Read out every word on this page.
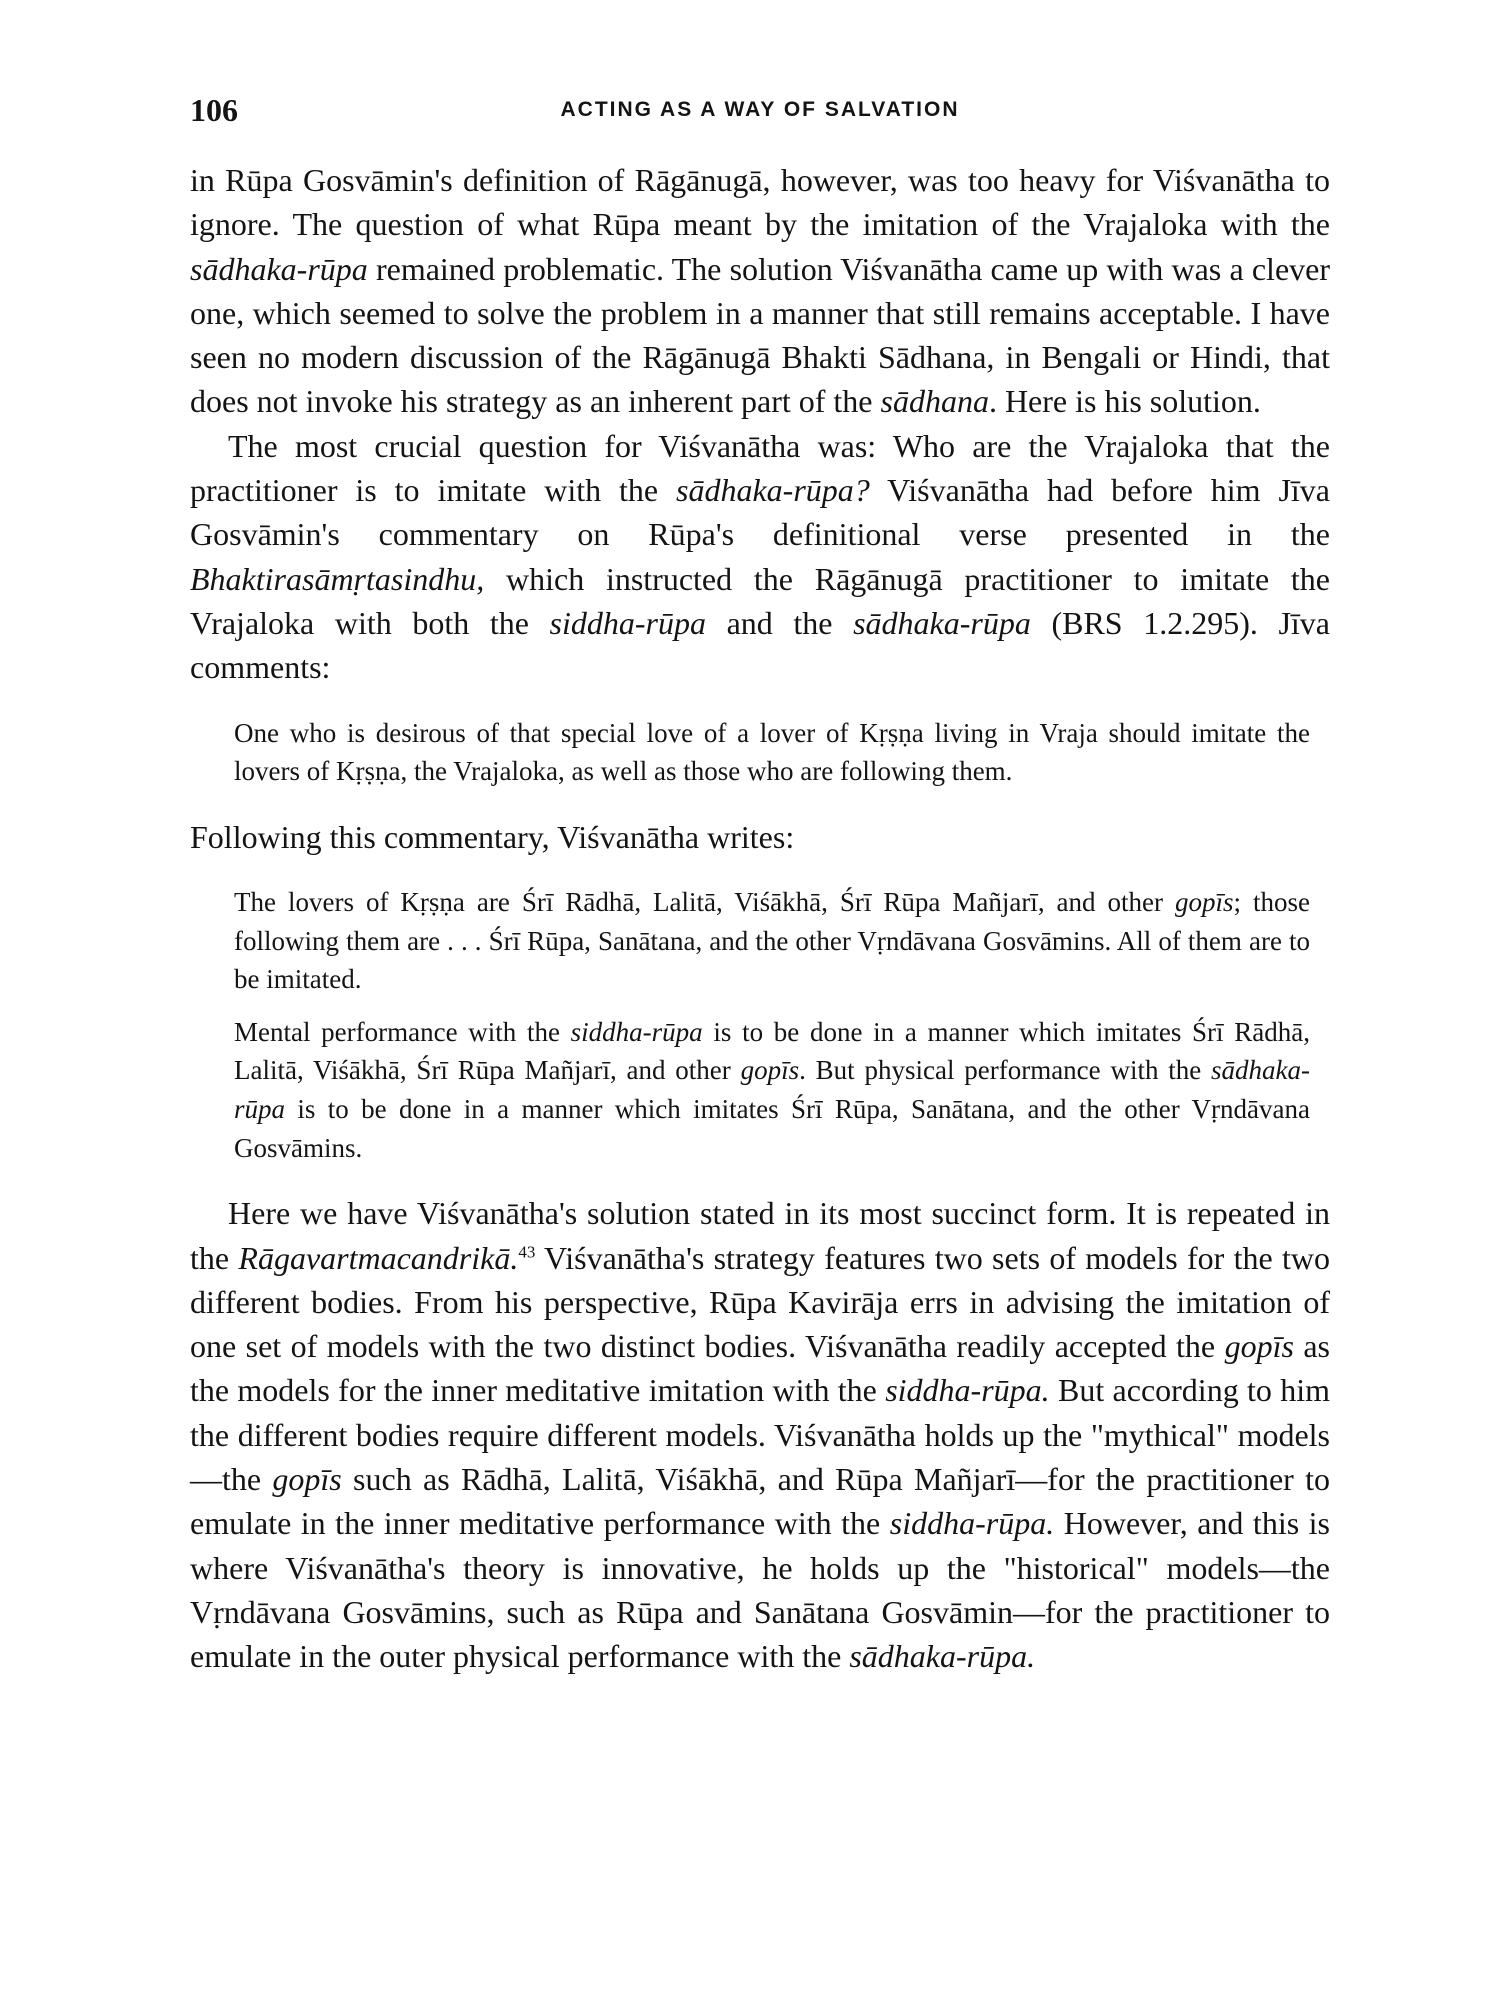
106	ACTING AS A WAY OF SALVATION

in Rūpa Gosvāmin's definition of Rāgānugā, however, was too heavy for Viśvanātha to ignore. The question of what Rūpa meant by the imitation of the Vrajaloka with the sādhaka-rūpa remained problematic. The solution Viśvanātha came up with was a clever one, which seemed to solve the problem in a manner that still remains acceptable. I have seen no modern discussion of the Rāgānugā Bhakti Sādhana, in Bengali or Hindi, that does not invoke his strategy as an inherent part of the sādhana. Here is his solution.

The most crucial question for Viśvanātha was: Who are the Vrajaloka that the practitioner is to imitate with the sādhaka-rūpa? Viśvanātha had before him Jīva Gosvāmin's commentary on Rūpa's definitional verse presented in the Bhaktirasāmṛtasindhu, which instructed the Rāgānugā practitioner to imitate the Vrajaloka with both the siddha-rūpa and the sādhaka-rūpa (BRS 1.2.295). Jīva comments:

One who is desirous of that special love of a lover of Kṛṣṇa living in Vraja should imitate the lovers of Kṛṣṇa, the Vrajaloka, as well as those who are following them.

Following this commentary, Viśvanātha writes:

The lovers of Kṛṣṇa are Śrī Rādhā, Lalitā, Viśākhā, Śrī Rūpa Mañjarī, and other gopīs; those following them are . . . Śrī Rūpa, Sanātana, and the other Vṛndāvana Gosvāmins. All of them are to be imitated.

Mental performance with the siddha-rūpa is to be done in a manner which imitates Śrī Rādhā, Lalitā, Viśākhā, Śrī Rūpa Mañjarī, and other gopīs. But physical performance with the sādhaka-rūpa is to be done in a manner which imitates Śrī Rūpa, Sanātana, and the other Vṛndāvana Gosvāmins.

Here we have Viśvanātha's solution stated in its most succinct form. It is repeated in the Rāgavartmacandrikā.$^{43}$ Viśvanātha's strategy features two sets of models for the two different bodies. From his perspective, Rūpa Kavirāja errs in advising the imitation of one set of models with the two distinct bodies. Viśvanātha readily accepted the gopīs as the models for the inner meditative imitation with the siddha-rūpa. But according to him the different bodies require different models. Viśvanātha holds up the "mythical" models—the gopīs such as Rādhā, Lalitā, Viśākhā, and Rūpa Mañjarī—for the practitioner to emulate in the inner meditative performance with the siddha-rūpa. However, and this is where Viśvanātha's theory is innovative, he holds up the "historical" models—the Vṛndāvana Gosvāmins, such as Rūpa and Sanātana Gosvāmin—for the practitioner to emulate in the outer physical performance with the sādhaka-rūpa.
